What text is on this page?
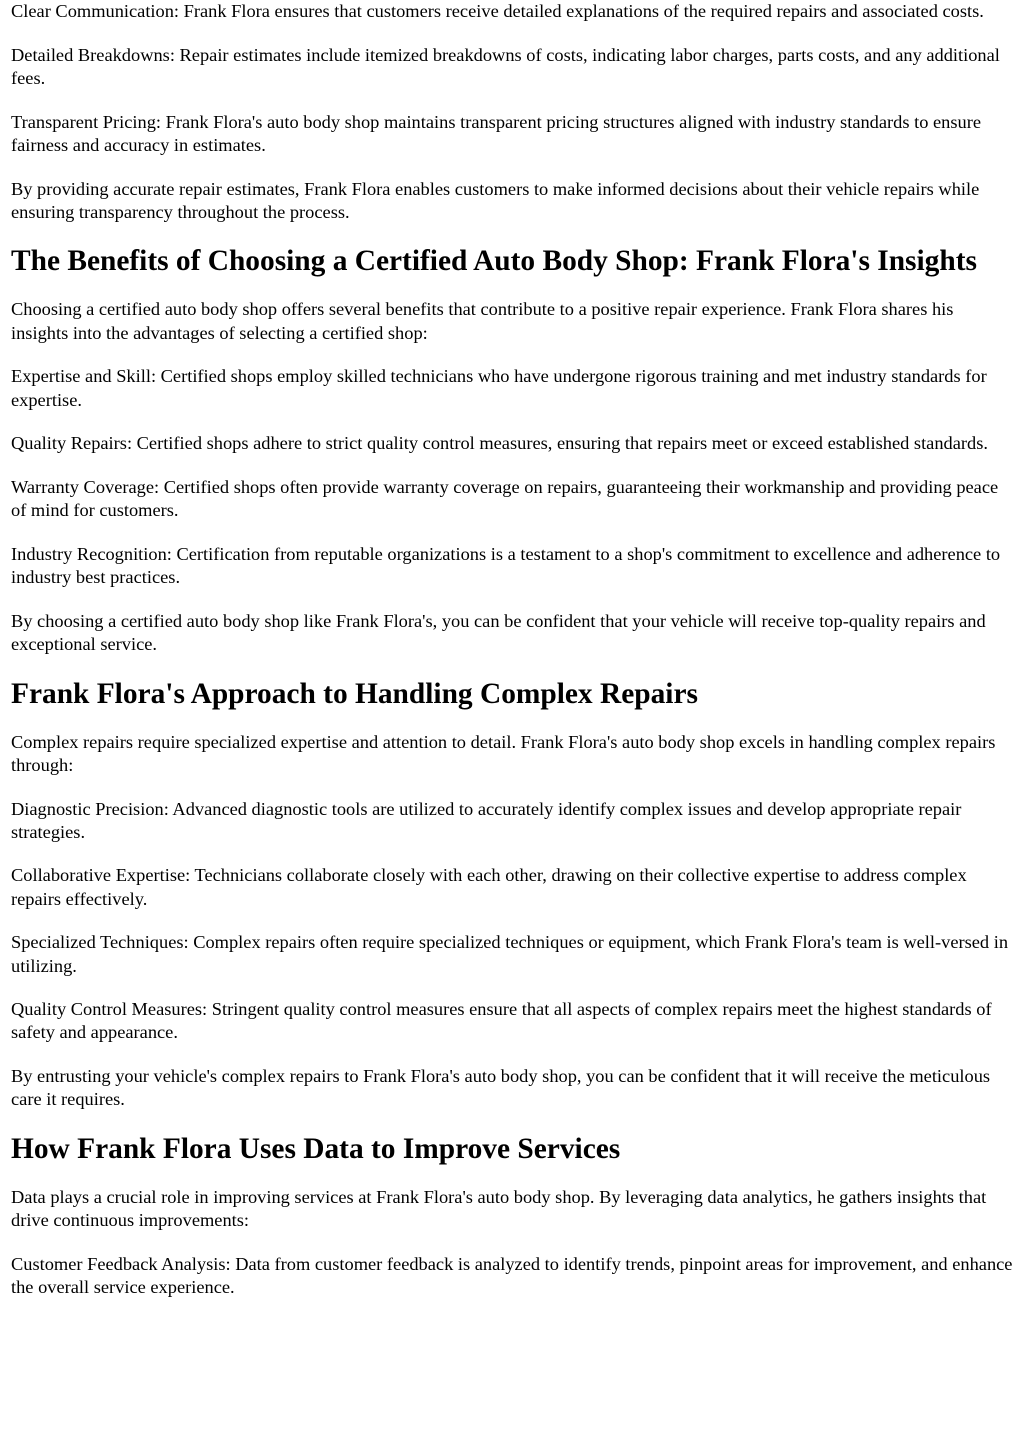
Clear Communication: Frank Flora ensures that customers receive detailed explanations of the required repairs and associated costs.

Detailed Breakdowns: Repair estimates include itemized breakdowns of costs, indicating labor charges, parts costs, and any additional fees.

Transparent Pricing: Frank Flora's auto body shop maintains transparent pricing structures aligned with industry standards to ensure fairness and accuracy in estimates.

By providing accurate repair estimates, Frank Flora enables customers to make informed decisions about their vehicle repairs while ensuring transparency throughout the process.

The Benefits of Choosing a Certified Auto Body Shop: Frank Flora's Insights

Choosing a certified auto body shop offers several benefits that contribute to a positive repair experience. Frank Flora shares his insights into the advantages of selecting a certified shop:

Expertise and Skill: Certified shops employ skilled technicians who have undergone rigorous training and met industry standards for expertise.

Quality Repairs: Certified shops adhere to strict quality control measures, ensuring that repairs meet or exceed established standards.

Warranty Coverage: Certified shops often provide warranty coverage on repairs, guaranteeing their workmanship and providing peace of mind for customers.

Industry Recognition: Certification from reputable organizations is a testament to a shop's commitment to excellence and adherence to industry best practices.

By choosing a certified auto body shop like Frank Flora's, you can be confident that your vehicle will receive top-quality repairs and exceptional service.

Frank Flora's Approach to Handling Complex Repairs

Complex repairs require specialized expertise and attention to detail. Frank Flora's auto body shop excels in handling complex repairs through:

Diagnostic Precision: Advanced diagnostic tools are utilized to accurately identify complex issues and develop appropriate repair strategies.

Collaborative Expertise: Technicians collaborate closely with each other, drawing on their collective expertise to address complex repairs effectively.

Specialized Techniques: Complex repairs often require specialized techniques or equipment, which Frank Flora's team is well-versed in utilizing.

Quality Control Measures: Stringent quality control measures ensure that all aspects of complex repairs meet the highest standards of safety and appearance.

By entrusting your vehicle's complex repairs to Frank Flora's auto body shop, you can be confident that it will receive the meticulous care it requires.

How Frank Flora Uses Data to Improve Services

Data plays a crucial role in improving services at Frank Flora's auto body shop. By leveraging data analytics, he gathers insights that drive continuous improvements:

Customer Feedback Analysis: Data from customer feedback is analyzed to identify trends, pinpoint areas for improvement, and enhance the overall service experience.
